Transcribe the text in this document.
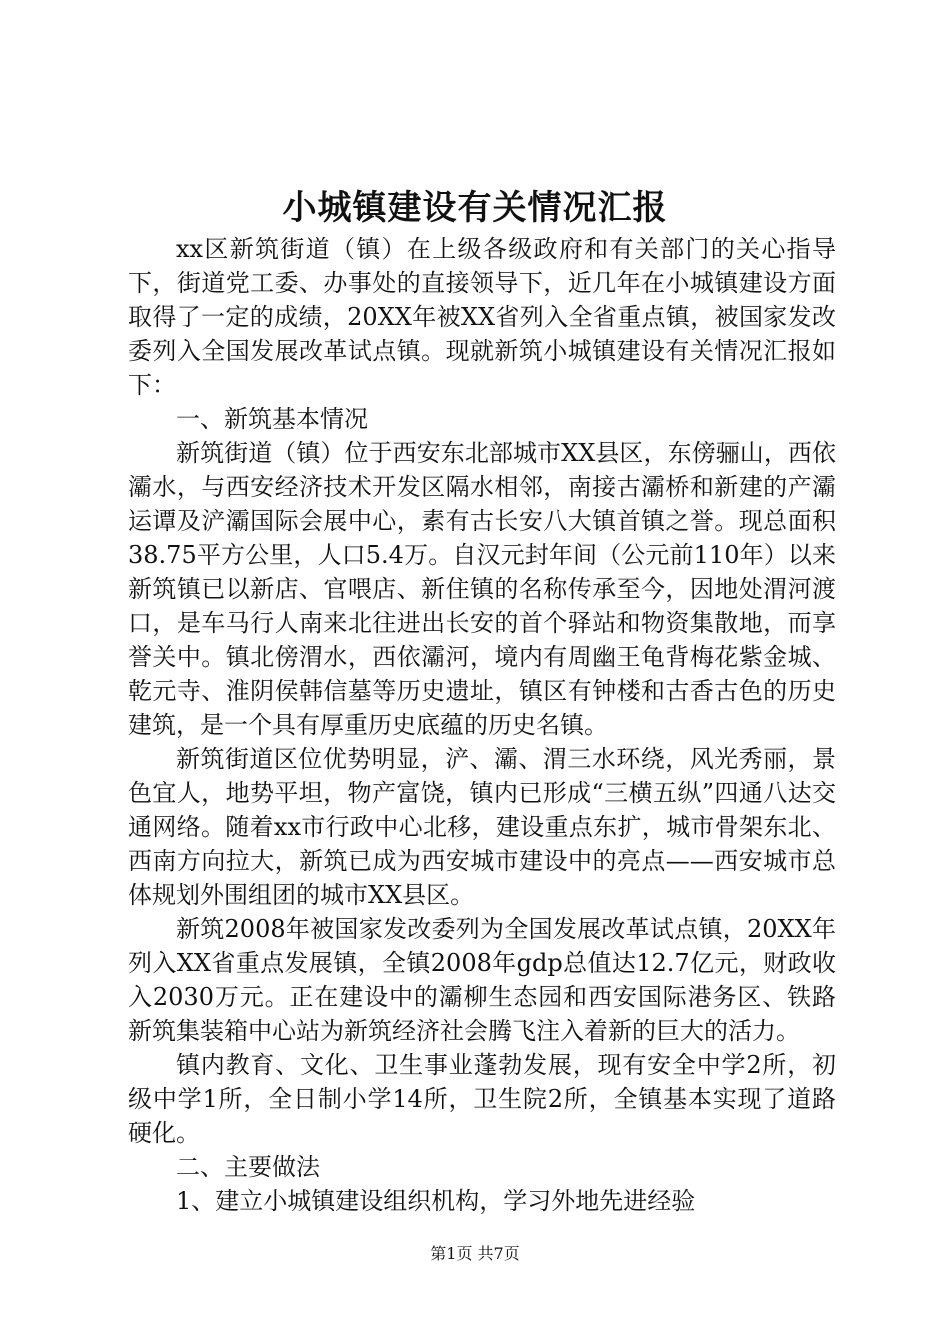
小城镇建设有关情况汇报

xx区新筑街道（镇）在上级各级政府和有关部门的关心指导下，街道党工委、办事处的直接领导下，近几年在小城镇建设方面取得了一定的成绩，20XX年被XX省列入全省重点镇，被国家发改委列入全国发展改革试点镇。现就新筑小城镇建设有关情况汇报如下：

一、新筑基本情况

新筑街道（镇）位于西安东北部城市XX县区，东傍骊山，西依灞水，与西安经济技术开发区隔水相邻，南接古灞桥和新建的产灞运谭及浐灞国际会展中心，素有古长安八大镇首镇之誉。现总面积38.75平方公里，人口5.4万。自汉元封年间（公元前110年）以来新筑镇已以新店、官喂店、新住镇的名称传承至今，因地处渭河渡口，是车马行人南来北往进出长安的首个驿站和物资集散地，而享誉关中。镇北傍渭水，西依灞河，境内有周幽王龟背梅花紫金城、乾元寺、淮阴侯韩信墓等历史遗址，镇区有钟楼和古香古色的历史建筑，是一个具有厚重历史底蕴的历史名镇。

新筑街道区位优势明显，浐、灞、渭三水环绕，风光秀丽，景色宜人，地势平坦，物产富饶，镇内已形成“三横五纵”四通八达交通网络。随着xx市行政中心北移，建设重点东扩，城市骨架东北、西南方向拉大，新筑已成为西安城市建设中的亮点——西安城市总体规划外围组团的城市XX县区。

新筑2008年被国家发改委列为全国发展改革试点镇，20XX年列入XX省重点发展镇，全镇2008年gdp总值达12.7亿元，财政收入2030万元。正在建设中的灞柳生态园和西安国际港务区、铁路新筑集装箱中心站为新筑经济社会腾飞注入着新的巨大的活力。

镇内教育、文化、卫生事业蓬勃发展，现有安全中学2所，初级中学1所，全日制小学14所，卫生院2所，全镇基本实现了道路硬化。

二、主要做法

1、建立小城镇建设组织机构，学习外地先进经验

第1页 共7页
